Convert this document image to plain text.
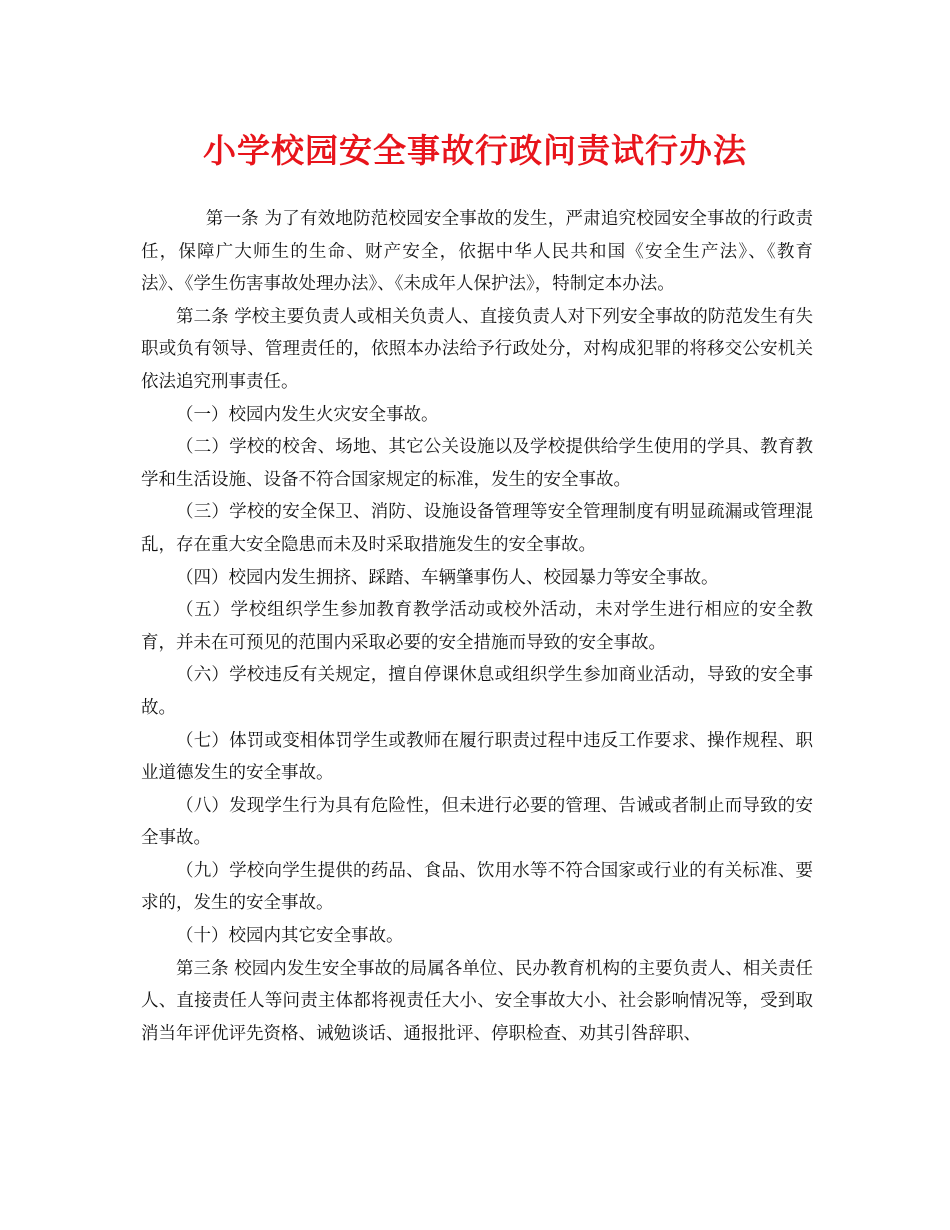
小学校园安全事故行政问责试行办法

第一条 为了有效地防范校园安全事故的发生，严肃追究校园安全事故的行政责任，保障广大师生的生命、财产安全，依据中华人民共和国《安全生产法》、《教育法》、《学生伤害事故处理办法》、《未成年人保护法》，特制定本办法。

第二条 学校主要负责人或相关负责人、直接负责人对下列安全事故的防范发生有失职或负有领导、管理责任的，依照本办法给予行政处分，对构成犯罪的将移交公安机关依法追究刑事责任。

（一）校园内发生火灾安全事故。

（二）学校的校舍、场地、其它公关设施以及学校提供给学生使用的学具、教育教学和生活设施、设备不符合国家规定的标准，发生的安全事故。

（三）学校的安全保卫、消防、设施设备管理等安全管理制度有明显疏漏或管理混乱，存在重大安全隐患而未及时采取措施发生的安全事故。

（四）校园内发生拥挤、踩踏、车辆肇事伤人、校园暴力等安全事故。

（五）学校组织学生参加教育教学活动或校外活动，未对学生进行相应的安全教育，并未在可预见的范围内采取必要的安全措施而导致的安全事故。

（六）学校违反有关规定，擅自停课休息或组织学生参加商业活动，导致的安全事故。

（七）体罚或变相体罚学生或教师在履行职责过程中违反工作要求、操作规程、职业道德发生的安全事故。

（八）发现学生行为具有危险性，但未进行必要的管理、告诫或者制止而导致的安全事故。

（九）学校向学生提供的药品、食品、饮用水等不符合国家或行业的有关标准、要求的，发生的安全事故。

（十）校园内其它安全事故。

第三条 校园内发生安全事故的局属各单位、民办教育机构的主要负责人、相关责任人、直接责任人等问责主体都将视责任大小、安全事故大小、社会影响情况等，受到取消当年评优评先资格、诫勉谈话、通报批评、停职检查、劝其引咎辞职、
